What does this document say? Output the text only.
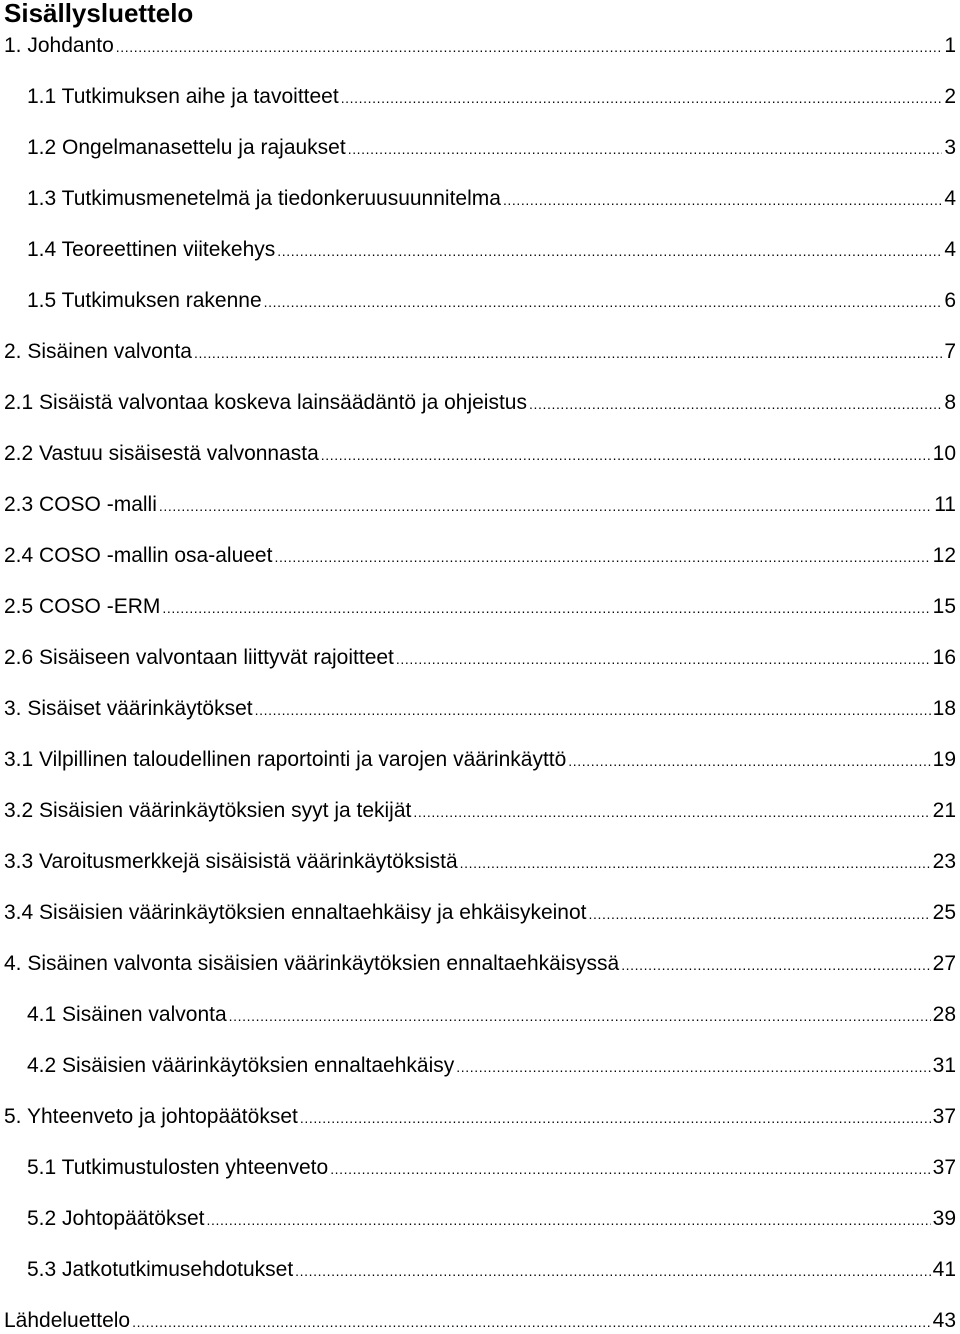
Sisällysluettelo
1. Johdanto .....	1
1.1 Tutkimuksen aihe ja tavoitteet .....	2
1.2 Ongelmanasettelu ja rajaukset .....	3
1.3 Tutkimusmenetelmä ja tiedonkeruusuunnitelma .....	4
1.4 Teoreettinen viitekehys .....	4
1.5 Tutkimuksen rakenne .....	6
2. Sisäinen valvonta .....	7
2.1 Sisäistä valvontaa koskeva lainsäädäntö ja ohjeistus .....	8
2.2 Vastuu sisäisestä valvonnasta .....	10
2.3 COSO -malli .....	11
2.4 COSO -mallin osa-alueet .....	12
2.5 COSO -ERM .....	15
2.6 Sisäiseen valvontaan liittyvät rajoitteet .....	16
3. Sisäiset väärinkäytökset .....	18
3.1 Vilpillinen taloudellinen raportointi ja varojen väärinkäyttö .....	19
3.2 Sisäisien väärinkäytöksien syyt ja tekijät .....	21
3.3 Varoitusmerkkejä sisäisistä väärinkäytöksistä .....	23
3.4 Sisäisien väärinkäytöksien ennaltaehkäisy ja ehkäisykeinot .....	25
4. Sisäinen valvonta sisäisien väärinkäytöksien ennaltaehkäisyssä .....	27
4.1 Sisäinen valvonta .....	28
4.2 Sisäisien väärinkäytöksien ennaltaehkäisy .....	31
5. Yhteenveto ja johtopäätökset .....	37
5.1 Tutkimustulosten yhteenveto .....	37
5.2 Johtopäätökset .....	39
5.3 Jatkotutkimusehdotukset .....	41
Lähdeluettelo .....	43
